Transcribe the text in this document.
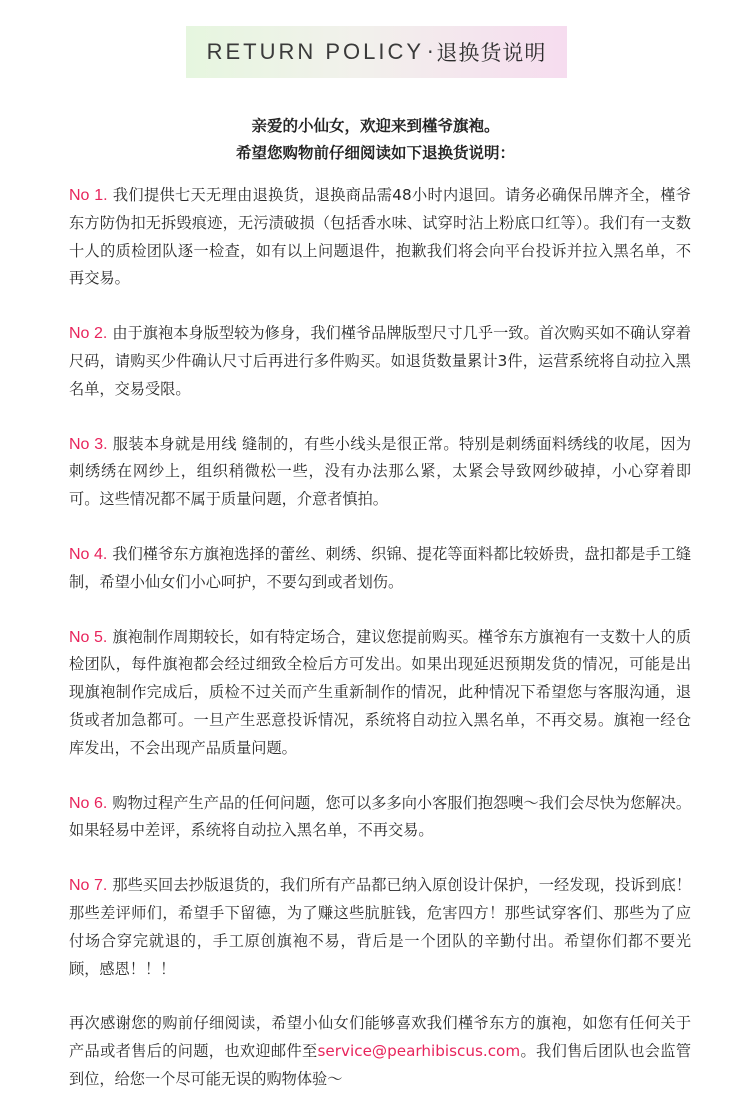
RETURN POLICY · 退换货说明
亲爱的小仙女，欢迎来到槿爷旗袍。
希望您购物前仔细阅读如下退换货说明：
No 1. 我们提供七天无理由退换货，退换商品需48小时内退回。请务必确保吊牌齐全，槿爷东方防伪扣无拆毁痕迹，无污渍破损（包括香水味、试穿时沾上粉底口红等）。我们有一支数十人的质检团队逐一检查，如有以上问题退件，抱歉我们将会向平台投诉并拉入黑名单，不再交易。
No 2. 由于旗袍本身版型较为修身，我们槿爷品牌版型尺寸几乎一致。首次购买如不确认穿着尺码，请购买少件确认尺寸后再进行多件购买。如退货数量累计3件，运营系统将自动拉入黑名单，交易受限。
No 3. 服装本身就是用线 缝制的，有些小线头是很正常。特别是刺绣面料绣线的收尾，因为刺绣绣在网纱上，组织稍微松一些，没有办法那么紧，太紧会导致网纱破掉，小心穿着即可。这些情况都不属于质量问题，介意者慎拍。
No 4. 我们槿爷东方旗袍选择的蕾丝、刺绣、织锦、提花等面料都比较娇贵，盘扣都是手工缝制，希望小仙女们小心呵护，不要勾到或者划伤。
No 5. 旗袍制作周期较长，如有特定场合，建议您提前购买。槿爷东方旗袍有一支数十人的质检团队，每件旗袍都会经过细致全检后方可发出。如果出现延迟预期发货的情况，可能是出现旗袍制作完成后，质检不过关而产生重新制作的情况，此种情况下希望您与客服沟通，退货或者加急都可。一旦产生恶意投诉情况，系统将自动拉入黑名单，不再交易。旗袍一经仓库发出，不会出现产品质量问题。
No 6. 购物过程产生产品的任何问题，您可以多多向小客服们抱怨噢～我们会尽快为您解决。如果轻易中差评，系统将自动拉入黑名单，不再交易。
No 7. 那些买回去抄版退货的，我们所有产品都已纳入原创设计保护，一经发现，投诉到底！那些差评师们，希望手下留德，为了赚这些肮脏钱，危害四方！那些试穿客们、那些为了应付场合穿完就退的，手工原创旗袍不易，背后是一个团队的辛勤付出。希望你们都不要光顾，感恩！！！
再次感谢您的购前仔细阅读，希望小仙女们能够喜欢我们槿爷东方的旗袍，如您有任何关于产品或者售后的问题，也欢迎邮件至service@pearhibiscus.com。我们售后团队也会监管到位，给您一个尽可能无误的购物体验～
